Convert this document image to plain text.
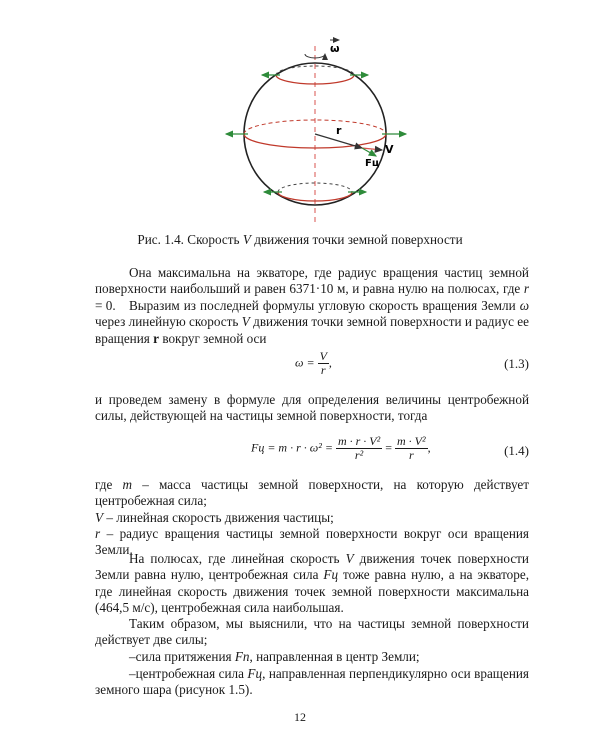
ω
r
V
Fц
Рис. 1.4. Скорость V движения точки земной поверхности
Она максимальна на экваторе, где радиус вращения частиц земной поверхности наибольший и равен 6371·10 м, и равна нулю на полюсах, где r = 0.	Выразим из последней формулы угловую скорость вращения Земли ω через линейную скорость V движения точки земной поверхности и радиус ее вращения r вокруг земной оси
$\omega = \frac{V}{r}$ ,	(1.3)
и проведем замену в формуле для определения величины центробежной силы, действующей на частицы земной поверхности, тогда
Fц = $m \cdot r \cdot \omega^2 = \frac{\text{m · r · V²}}{\text{r²}} = \frac{\text{m · V²}}{r}$ ,	(1.4)
где m – масса частицы земной поверхности, на которую действует центробежная сила;
V – линейная скорость движения частицы;
r – радиус вращения частицы земной поверхности вокруг оси вращения Земли.
На полюсах, где линейная скорость V движения точек поверхности Земли равна нулю, центробежная сила Fц тоже равна нулю, а на экваторе, где линейная скорость движения точек земной поверхности максимальна (464,5 м/с), центробежная сила наибольшая.
Таким образом, мы выяснили, что на частицы земной поверхности действует две силы;
–сила притяжения Fп, направленная в центр Земли;
–центробежная сила Fц, направленная перпендикулярно оси вращения земного шара (рисунок 1.5).
12
